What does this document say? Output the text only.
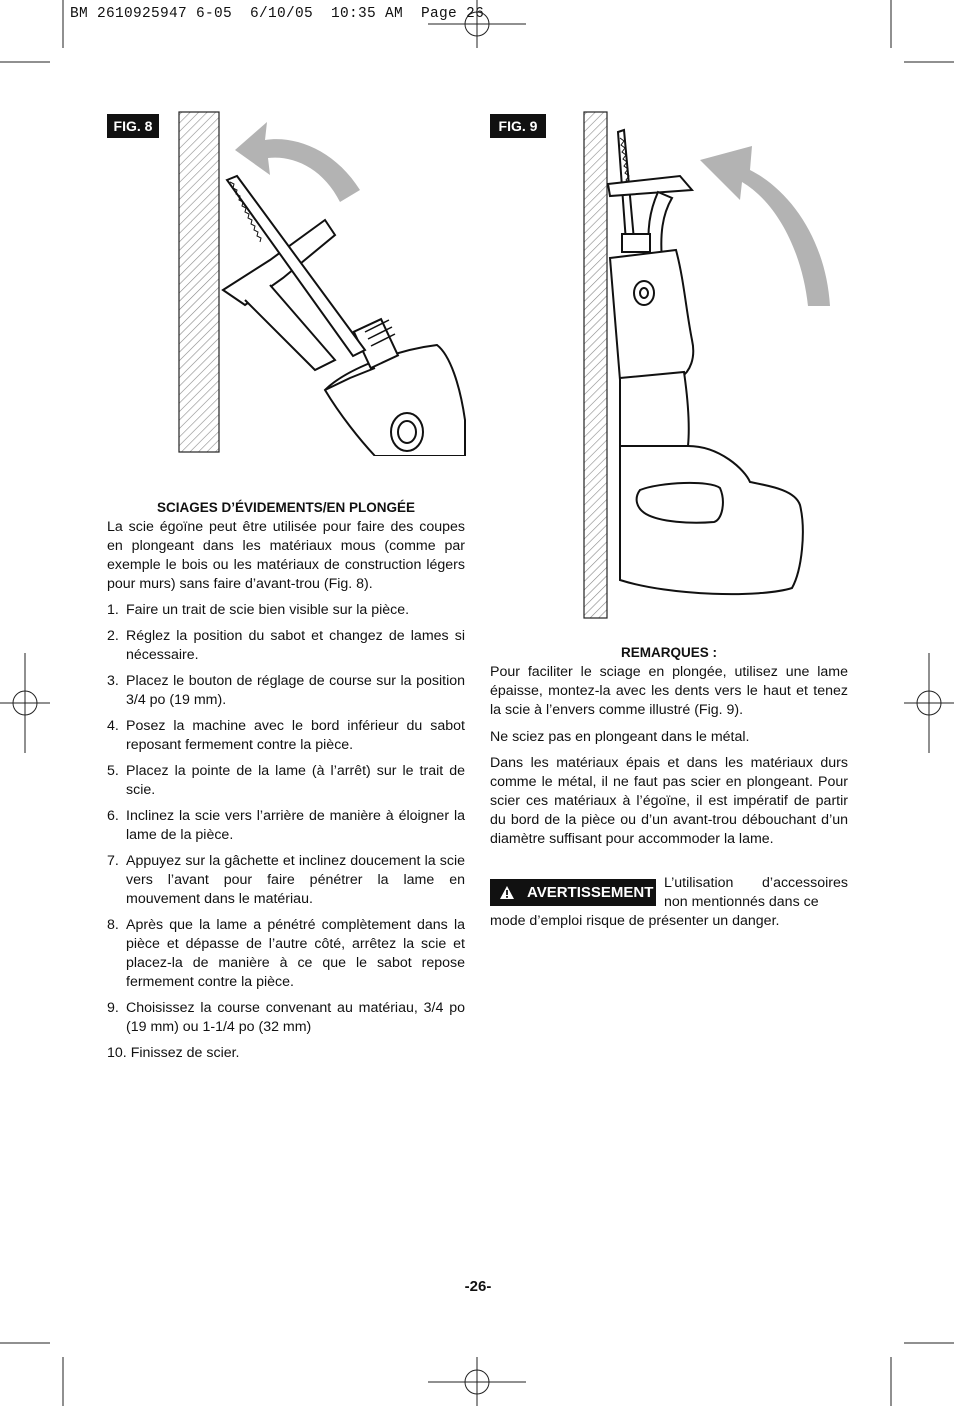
BM 2610925947 6-05  6/10/05  10:35 AM  Page 26
FIG. 8	FIG. 9
SCIAGES D’ÉVIDEMENTS/EN PLONGÉE

La scie égoïne peut être utilisée pour faire des coupes en plongeant dans les matériaux mous (comme par exemple le bois ou les matériaux de construction légers pour murs) sans faire d’avant-trou (Fig. 8).

1. Faire un trait de scie bien visible sur la pièce.
2. Réglez la position du sabot et changez de lames si nécessaire.
3. Placez le bouton de réglage de course sur la position 3/4 po (19 mm).
4. Posez la machine avec le bord inférieur du sabot reposant fermement contre la pièce.
5. Placez la pointe de la lame (à l’arrêt) sur le trait de scie.
6. Inclinez la scie vers l’arrière de manière à éloigner la lame de la pièce.
7. Appuyez sur la gâchette et inclinez doucement la scie vers l’avant pour faire pénétrer la lame en mouvement dans le matériau.
8. Après que la lame a pénétré complètement dans la pièce et dépasse de l’autre côté, arrêtez la scie et placez-la de manière à ce que le sabot repose fermement contre la pièce.
9. Choisissez la course convenant au matériau, 3/4 po (19 mm) ou 1-1/4 po (32 mm)
10. Finissez de scier.
REMARQUES :

Pour faciliter le sciage en plongée, utilisez une lame épaisse, montez-la avec les dents vers le haut et tenez la scie à l’envers comme illustré (Fig. 9).

Ne sciez pas en plongeant dans le métal.

Dans les matériaux épais et dans les matériaux durs comme le métal, il ne faut pas scier en plongeant. Pour scier ces matériaux à l’égoïne, il est impératif de partir du bord de la pièce ou d’un avant-trou débouchant d’un diamètre suffisant pour accommoder la lame.

AVERTISSEMENT

L’utilisation d’accessoires non mentionnés dans ce

mode d’emploi risque de présenter un danger.

-26-
